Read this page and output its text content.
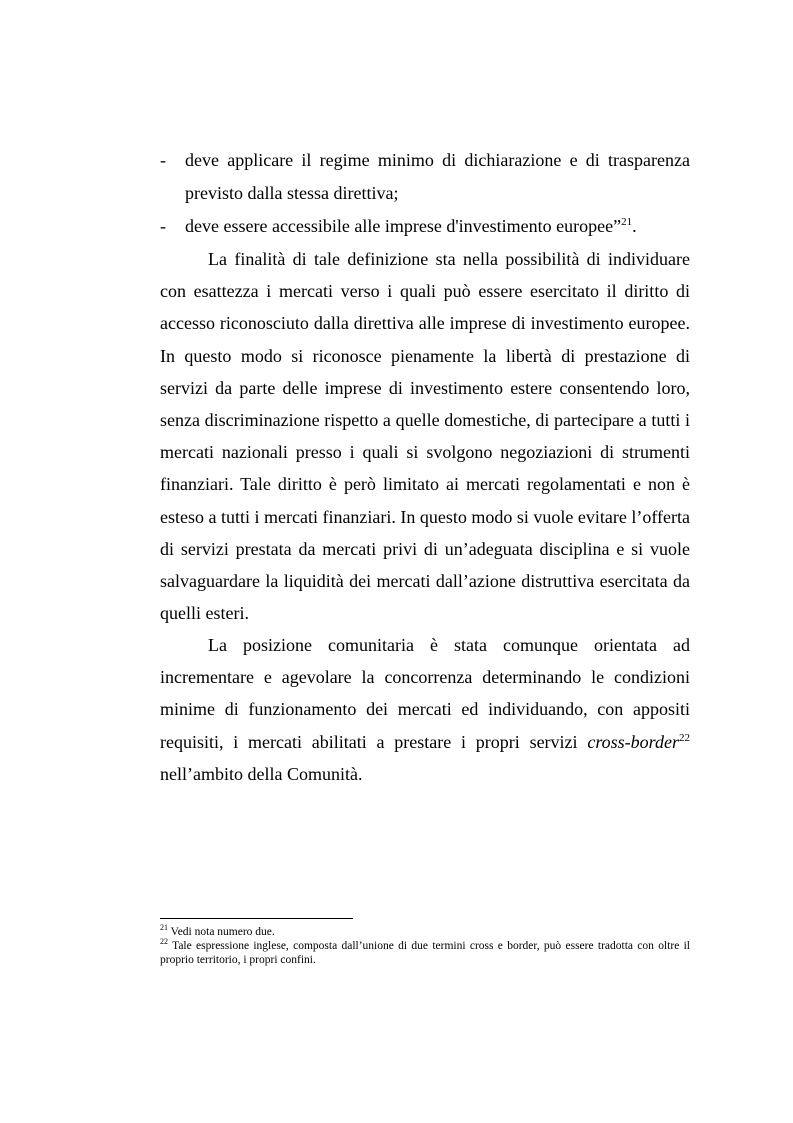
- deve applicare il regime minimo di dichiarazione e di trasparenza previsto dalla stessa direttiva;
- deve essere accessibile alle imprese d'investimento europee”$^{21}$.

La finalità di tale definizione sta nella possibilità di individuare con esattezza i mercati verso i quali può essere esercitato il diritto di accesso riconosciuto dalla direttiva alle imprese di investimento europee. In questo modo si riconosce pienamente la libertà di prestazione di servizi da parte delle imprese di investimento estere consentendo loro, senza discriminazione rispetto a quelle domestiche, di partecipare a tutti i mercati nazionali presso i quali si svolgono negoziazioni di strumenti finanziari. Tale diritto è però limitato ai mercati regolamentati e non è esteso a tutti i mercati finanziari. In questo modo si vuole evitare l’offerta di servizi prestata da mercati privi di un’adeguata disciplina e si vuole salvaguardare la liquidità dei mercati dall’azione distruttiva esercitata da quelli esteri.

La posizione comunitaria è stata comunque orientata ad incrementare e agevolare la concorrenza determinando le condizioni minime di funzionamento dei mercati ed individuando, con appositi requisiti, i mercati abilitati a prestare i propri servizi cross-border$^{22}$ nell’ambito della Comunità.

$^{21}$ Vedi nota numero due.

$^{22}$ Tale espressione inglese, composta dall’unione di due termini cross e border, può essere tradotta con oltre il proprio territorio, i propri confini.
